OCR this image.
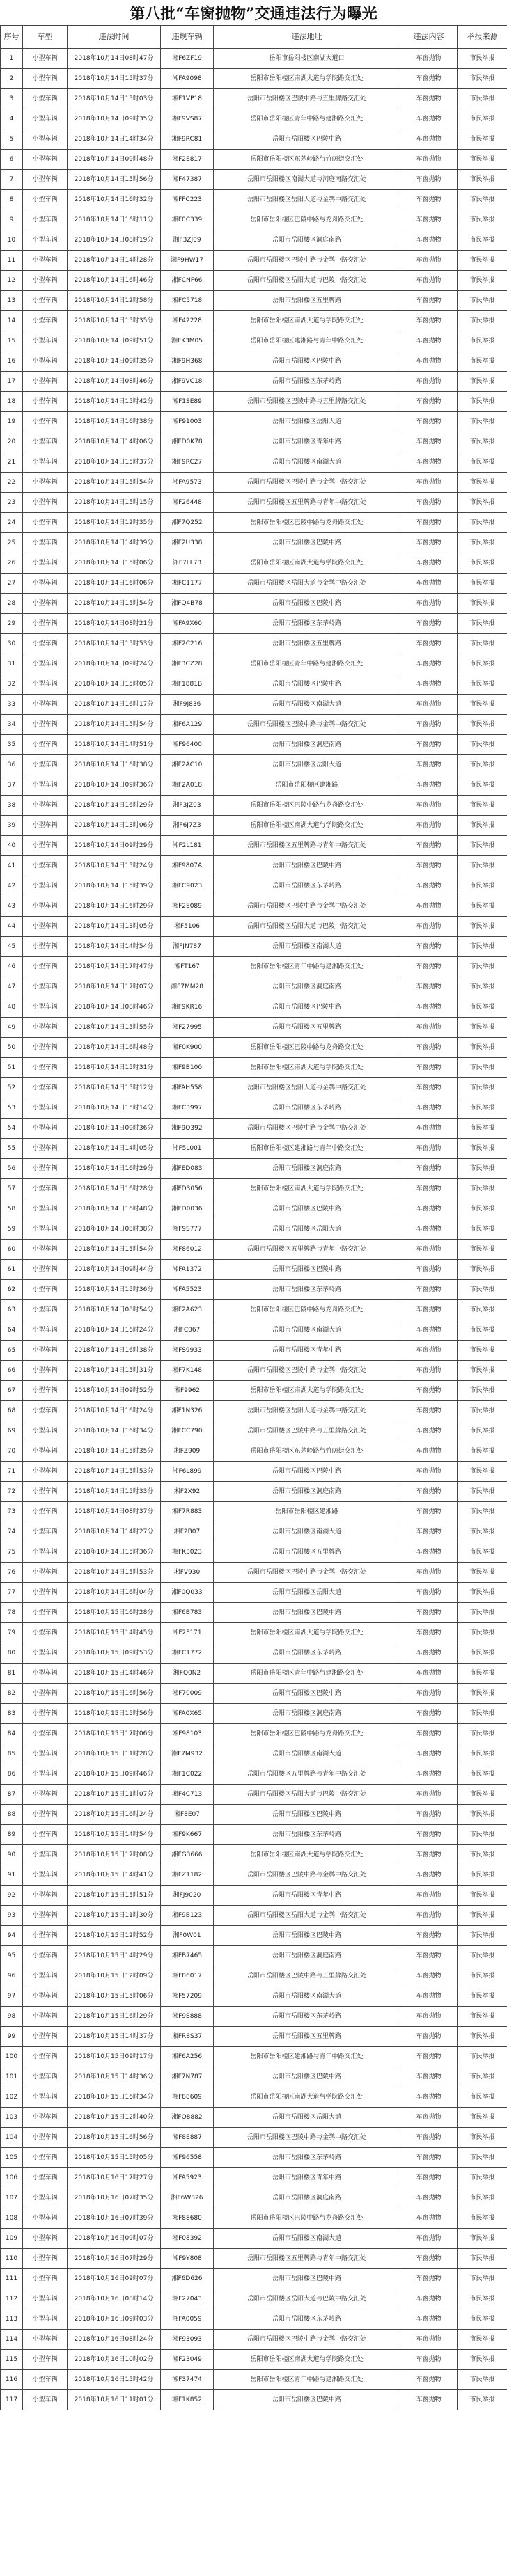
第八批“车窗抛物”交通违法行为曝光
序号	车型	违法时间	违规车辆	违法地址	违法内容	举报来源
1	小型车辆	2018年10月14日08时47分	湘F6ZF19	岳阳市岳阳楼区南湖大道口	车窗抛物	市民举报
2	小型车辆	2018年10月14日15时37分	湘FA9098	岳阳市岳阳楼区南湖大道与学院路交汇处	车窗抛物	市民举报
3	小型车辆	2018年10月14日15时03分	湘F1VP18	岳阳市岳阳楼区巴陵中路与五里牌路交汇处	车窗抛物	市民举报
4	小型车辆	2018年10月14日09时35分	湘F9VS87	岳阳市岳阳楼区青年中路与建湘路交汇处	车窗抛物	市民举报
5	小型车辆	2018年10月14日14时34分	湘F9RC81	岳阳市岳阳楼区巴陵中路	车窗抛物	市民举报
6	小型车辆	2018年10月14日09时48分	湘F2E817	岳阳市岳阳楼区东茅岭路与竹荫街交汇处	车窗抛物	市民举报
7	小型车辆	2018年10月14日15时56分	湘F47387	岳阳市岳阳楼区南湖大道与洞庭南路交汇处	车窗抛物	市民举报
8	小型车辆	2018年10月14日16时32分	湘FFC223	岳阳市岳阳楼区岳阳大道与金鹗中路交汇处	车窗抛物	市民举报
9	小型车辆	2018年10月14日16时11分	湘F0C339	岳阳市岳阳楼区巴陵中路与龙舟路交汇处	车窗抛物	市民举报
10	小型车辆	2018年10月14日08时19分	湘F3ZJ09	岳阳市岳阳楼区洞庭南路	车窗抛物	市民举报
11	小型车辆	2018年10月14日14时28分	湘F9HW17	岳阳市岳阳楼区巴陵中路与金鹗中路交汇处	车窗抛物	市民举报
12	小型车辆	2018年10月14日16时46分	湘FCNF66	岳阳市岳阳楼区岳阳大道与巴陵中路交汇处	车窗抛物	市民举报
13	小型车辆	2018年10月14日12时58分	湘FC5718	岳阳市岳阳楼区五里牌路	车窗抛物	市民举报
14	小型车辆	2018年10月14日15时35分	湘F42228	岳阳市岳阳楼区南湖大道与学院路交汇处	车窗抛物	市民举报
15	小型车辆	2018年10月14日09时51分	湘FK3M05	岳阳市岳阳楼区建湘路与青年中路交汇处	车窗抛物	市民举报
16	小型车辆	2018年10月14日09时35分	湘F9H368	岳阳市岳阳楼区巴陵中路	车窗抛物	市民举报
17	小型车辆	2018年10月14日08时46分	湘F9VC18	岳阳市岳阳楼区东茅岭路	车窗抛物	市民举报
18	小型车辆	2018年10月14日15时42分	湘F1SE89	岳阳市岳阳楼区巴陵中路与五里牌路交汇处	车窗抛物	市民举报
19	小型车辆	2018年10月14日16时38分	湘F91003	岳阳市岳阳楼区岳阳大道	车窗抛物	市民举报
20	小型车辆	2018年10月14日14时06分	湘FD0K78	岳阳市岳阳楼区青年中路	车窗抛物	市民举报
21	小型车辆	2018年10月14日15时37分	湘F9RC27	岳阳市岳阳楼区南湖大道	车窗抛物	市民举报
22	小型车辆	2018年10月14日15时54分	湘FA9573	岳阳市岳阳楼区巴陵中路与金鹗中路交汇处	车窗抛物	市民举报
23	小型车辆	2018年10月14日15时15分	湘F26448	岳阳市岳阳楼区五里牌路与青年中路交汇处	车窗抛物	市民举报
24	小型车辆	2018年10月14日12时35分	湘F7Q252	岳阳市岳阳楼区巴陵中路与龙舟路交汇处	车窗抛物	市民举报
25	小型车辆	2018年10月14日14时39分	湘F2U338	岳阳市岳阳楼区巴陵中路	车窗抛物	市民举报
26	小型车辆	2018年10月14日15时06分	湘F7LL73	岳阳市岳阳楼区南湖大道与学院路交汇处	车窗抛物	市民举报
27	小型车辆	2018年10月14日16时06分	湘FC1177	岳阳市岳阳楼区岳阳大道与金鹗中路交汇处	车窗抛物	市民举报
28	小型车辆	2018年10月14日15时54分	湘FQ4B78	岳阳市岳阳楼区巴陵中路	车窗抛物	市民举报
29	小型车辆	2018年10月14日08时21分	湘FA9X60	岳阳市岳阳楼区东茅岭路	车窗抛物	市民举报
30	小型车辆	2018年10月14日15时53分	湘F2C216	岳阳市岳阳楼区五里牌路	车窗抛物	市民举报
31	小型车辆	2018年10月14日09时24分	湘F3CZ28	岳阳市岳阳楼区青年中路与建湘路交汇处	车窗抛物	市民举报
32	小型车辆	2018年10月14日15时05分	湘F1881B	岳阳市岳阳楼区巴陵中路	车窗抛物	市民举报
33	小型车辆	2018年10月14日16时17分	湘F9J836	岳阳市岳阳楼区南湖大道	车窗抛物	市民举报
34	小型车辆	2018年10月14日15时54分	湘F6A129	岳阳市岳阳楼区巴陵中路与金鹗中路交汇处	车窗抛物	市民举报
35	小型车辆	2018年10月14日14时51分	湘F96400	岳阳市岳阳楼区洞庭南路	车窗抛物	市民举报
36	小型车辆	2018年10月14日16时38分	湘F2AC10	岳阳市岳阳楼区岳阳大道	车窗抛物	市民举报
37	小型车辆	2018年10月14日09时36分	湘F2A018	岳阳市岳阳楼区建湘路	车窗抛物	市民举报
38	小型车辆	2018年10月14日16时29分	湘F3JZ03	岳阳市岳阳楼区巴陵中路与龙舟路交汇处	车窗抛物	市民举报
39	小型车辆	2018年10月14日13时06分	湘F6J7Z3	岳阳市岳阳楼区南湖大道与学院路交汇处	车窗抛物	市民举报
40	小型车辆	2018年10月14日09时29分	湘F2L181	岳阳市岳阳楼区五里牌路与青年中路交汇处	车窗抛物	市民举报
41	小型车辆	2018年10月14日15时24分	湘F9807A	岳阳市岳阳楼区巴陵中路	车窗抛物	市民举报
42	小型车辆	2018年10月14日15时39分	湘FC9023	岳阳市岳阳楼区东茅岭路	车窗抛物	市民举报
43	小型车辆	2018年10月14日16时29分	湘F2E089	岳阳市岳阳楼区巴陵中路与金鹗中路交汇处	车窗抛物	市民举报
44	小型车辆	2018年10月14日13时05分	湘F5106	岳阳市岳阳楼区岳阳大道与巴陵中路交汇处	车窗抛物	市民举报
45	小型车辆	2018年10月14日14时54分	湘FJN787	岳阳市岳阳楼区南湖大道	车窗抛物	市民举报
46	小型车辆	2018年10月14日17时47分	湘FT167	岳阳市岳阳楼区青年中路与建湘路交汇处	车窗抛物	市民举报
47	小型车辆	2018年10月14日17时07分	湘F7MM28	岳阳市岳阳楼区洞庭南路	车窗抛物	市民举报
48	小型车辆	2018年10月14日08时46分	湘F9KR16	岳阳市岳阳楼区巴陵中路	车窗抛物	市民举报
49	小型车辆	2018年10月14日15时55分	湘F27995	岳阳市岳阳楼区五里牌路	车窗抛物	市民举报
50	小型车辆	2018年10月14日16时48分	湘F0K900	岳阳市岳阳楼区巴陵中路与龙舟路交汇处	车窗抛物	市民举报
51	小型车辆	2018年10月14日15时31分	湘F9B100	岳阳市岳阳楼区南湖大道与学院路交汇处	车窗抛物	市民举报
52	小型车辆	2018年10月14日15时12分	湘FAH558	岳阳市岳阳楼区岳阳大道与金鹗中路交汇处	车窗抛物	市民举报
53	小型车辆	2018年10月14日15时14分	湘FC3997	岳阳市岳阳楼区东茅岭路	车窗抛物	市民举报
54	小型车辆	2018年10月14日09时36分	湘F9Q392	岳阳市岳阳楼区巴陵中路与金鹗中路交汇处	车窗抛物	市民举报
55	小型车辆	2018年10月14日14时05分	湘F5L001	岳阳市岳阳楼区建湘路与青年中路交汇处	车窗抛物	市民举报
56	小型车辆	2018年10月14日16时29分	湘FED083	岳阳市岳阳楼区洞庭南路	车窗抛物	市民举报
57	小型车辆	2018年10月14日16时28分	湘FD3056	岳阳市岳阳楼区南湖大道与学院路交汇处	车窗抛物	市民举报
58	小型车辆	2018年10月14日16时48分	湘FD0036	岳阳市岳阳楼区巴陵中路	车窗抛物	市民举报
59	小型车辆	2018年10月14日08时38分	湘F9S777	岳阳市岳阳楼区岳阳大道	车窗抛物	市民举报
60	小型车辆	2018年10月14日15时54分	湘F86012	岳阳市岳阳楼区五里牌路与青年中路交汇处	车窗抛物	市民举报
61	小型车辆	2018年10月14日09时44分	湘FA1372	岳阳市岳阳楼区巴陵中路	车窗抛物	市民举报
62	小型车辆	2018年10月14日15时36分	湘FA5523	岳阳市岳阳楼区东茅岭路	车窗抛物	市民举报
63	小型车辆	2018年10月14日08时54分	湘F2A623	岳阳市岳阳楼区巴陵中路与龙舟路交汇处	车窗抛物	市民举报
64	小型车辆	2018年10月14日16时24分	湘FC067	岳阳市岳阳楼区南湖大道	车窗抛物	市民举报
65	小型车辆	2018年10月14日16时38分	湘FS9933	岳阳市岳阳楼区青年中路	车窗抛物	市民举报
66	小型车辆	2018年10月14日15时31分	湘F7K148	岳阳市岳阳楼区巴陵中路与金鹗中路交汇处	车窗抛物	市民举报
67	小型车辆	2018年10月14日09时52分	湘F9962	岳阳市岳阳楼区南湖大道与学院路交汇处	车窗抛物	市民举报
68	小型车辆	2018年10月14日16时24分	湘F1N326	岳阳市岳阳楼区岳阳大道与金鹗中路交汇处	车窗抛物	市民举报
69	小型车辆	2018年10月14日16时34分	湘FCC790	岳阳市岳阳楼区巴陵中路与五里牌路交汇处	车窗抛物	市民举报
70	小型车辆	2018年10月14日15时35分	湘FZ909	岳阳市岳阳楼区东茅岭路与竹荫街交汇处	车窗抛物	市民举报
71	小型车辆	2018年10月14日15时53分	湘F6L899	岳阳市岳阳楼区巴陵中路	车窗抛物	市民举报
72	小型车辆	2018年10月14日15时33分	湘F2X92	岳阳市岳阳楼区洞庭南路	车窗抛物	市民举报
73	小型车辆	2018年10月14日08时37分	湘F7R883	岳阳市岳阳楼区建湘路	车窗抛物	市民举报
74	小型车辆	2018年10月14日14时27分	湘F2B07	岳阳市岳阳楼区南湖大道	车窗抛物	市民举报
75	小型车辆	2018年10月14日15时36分	湘FK3023	岳阳市岳阳楼区五里牌路	车窗抛物	市民举报
76	小型车辆	2018年10月14日15时53分	湘FV930	岳阳市岳阳楼区巴陵中路与金鹗中路交汇处	车窗抛物	市民举报
77	小型车辆	2018年10月14日16时04分	湘F0Q033	岳阳市岳阳楼区岳阳大道	车窗抛物	市民举报
78	小型车辆	2018年10月15日16时28分	湘F6B783	岳阳市岳阳楼区巴陵中路	车窗抛物	市民举报
79	小型车辆	2018年10月15日14时45分	湘F2F171	岳阳市岳阳楼区南湖大道与学院路交汇处	车窗抛物	市民举报
80	小型车辆	2018年10月15日09时53分	湘FC1772	岳阳市岳阳楼区东茅岭路	车窗抛物	市民举报
81	小型车辆	2018年10月15日14时46分	湘FQ0N2	岳阳市岳阳楼区青年中路与建湘路交汇处	车窗抛物	市民举报
82	小型车辆	2018年10月15日16时56分	湘F70009	岳阳市岳阳楼区巴陵中路	车窗抛物	市民举报
83	小型车辆	2018年10月15日15时56分	湘FA0X65	岳阳市岳阳楼区洞庭南路	车窗抛物	市民举报
84	小型车辆	2018年10月15日17时06分	湘F98103	岳阳市岳阳楼区巴陵中路与龙舟路交汇处	车窗抛物	市民举报
85	小型车辆	2018年10月15日11时28分	湘F7M932	岳阳市岳阳楼区南湖大道	车窗抛物	市民举报
86	小型车辆	2018年10月15日09时46分	湘F1C022	岳阳市岳阳楼区五里牌路与青年中路交汇处	车窗抛物	市民举报
87	小型车辆	2018年10月15日11时07分	湘F4C713	岳阳市岳阳楼区岳阳大道与巴陵中路交汇处	车窗抛物	市民举报
88	小型车辆	2018年10月15日16时24分	湘F8E07	岳阳市岳阳楼区巴陵中路	车窗抛物	市民举报
89	小型车辆	2018年10月15日14时54分	湘F9K667	岳阳市岳阳楼区东茅岭路	车窗抛物	市民举报
90	小型车辆	2018年10月15日17时08分	湘FG3666	岳阳市岳阳楼区南湖大道与学院路交汇处	车窗抛物	市民举报
91	小型车辆	2018年10月15日14时41分	湘FZ1182	岳阳市岳阳楼区巴陵中路与金鹗中路交汇处	车窗抛物	市民举报
92	小型车辆	2018年10月15日15时51分	湘FJ9020	岳阳市岳阳楼区青年中路	车窗抛物	市民举报
93	小型车辆	2018年10月15日11时30分	湘F9B123	岳阳市岳阳楼区岳阳大道与金鹗中路交汇处	车窗抛物	市民举报
94	小型车辆	2018年10月15日12时52分	湘F0W01	岳阳市岳阳楼区巴陵中路	车窗抛物	市民举报
95	小型车辆	2018年10月15日14时29分	湘FB7465	岳阳市岳阳楼区洞庭南路	车窗抛物	市民举报
96	小型车辆	2018年10月15日12时09分	湘F86017	岳阳市岳阳楼区巴陵中路与五里牌路交汇处	车窗抛物	市民举报
97	小型车辆	2018年10月15日15时06分	湘F57209	岳阳市岳阳楼区南湖大道	车窗抛物	市民举报
98	小型车辆	2018年10月15日16时29分	湘F9S888	岳阳市岳阳楼区东茅岭路	车窗抛物	市民举报
99	小型车辆	2018年10月15日14时37分	湘FR8S37	岳阳市岳阳楼区五里牌路	车窗抛物	市民举报
100	小型车辆	2018年10月15日09时17分	湘F6A256	岳阳市岳阳楼区建湘路与青年中路交汇处	车窗抛物	市民举报
101	小型车辆	2018年10月15日14时36分	湘F7N787	岳阳市岳阳楼区巴陵中路	车窗抛物	市民举报
102	小型车辆	2018年10月15日16时34分	湘F88609	岳阳市岳阳楼区南湖大道与学院路交汇处	车窗抛物	市民举报
103	小型车辆	2018年10月15日12时40分	湘FQ8882	岳阳市岳阳楼区岳阳大道	车窗抛物	市民举报
104	小型车辆	2018年10月15日16时56分	湘F8E887	岳阳市岳阳楼区巴陵中路与金鹗中路交汇处	车窗抛物	市民举报
105	小型车辆	2018年10月15日15时05分	湘F96558	岳阳市岳阳楼区东茅岭路	车窗抛物	市民举报
106	小型车辆	2018年10月16日17时27分	湘FA5923	岳阳市岳阳楼区青年中路	车窗抛物	市民举报
107	小型车辆	2018年10月16日07时35分	湘F6W826	岳阳市岳阳楼区洞庭南路	车窗抛物	市民举报
108	小型车辆	2018年10月16日07时39分	湘F88680	岳阳市岳阳楼区巴陵中路与龙舟路交汇处	车窗抛物	市民举报
109	小型车辆	2018年10月16日09时07分	湘F08392	岳阳市岳阳楼区南湖大道	车窗抛物	市民举报
110	小型车辆	2018年10月16日07时29分	湘F9Y808	岳阳市岳阳楼区五里牌路与青年中路交汇处	车窗抛物	市民举报
111	小型车辆	2018年10月16日09时07分	湘F6D626	岳阳市岳阳楼区巴陵中路	车窗抛物	市民举报
112	小型车辆	2018年10月16日08时14分	湘F27043	岳阳市岳阳楼区岳阳大道与巴陵中路交汇处	车窗抛物	市民举报
113	小型车辆	2018年10月16日09时03分	湘FA0059	岳阳市岳阳楼区东茅岭路	车窗抛物	市民举报
114	小型车辆	2018年10月16日08时24分	湘F93093	岳阳市岳阳楼区巴陵中路与金鹗中路交汇处	车窗抛物	市民举报
115	小型车辆	2018年10月16日10时02分	湘F23049	岳阳市岳阳楼区南湖大道与学院路交汇处	车窗抛物	市民举报
116	小型车辆	2018年10月16日15时42分	湘F37474	岳阳市岳阳楼区青年中路与建湘路交汇处	车窗抛物	市民举报
117	小型车辆	2018年10月16日11时01分	湘F1K852	岳阳市岳阳楼区巴陵中路	车窗抛物	市民举报
